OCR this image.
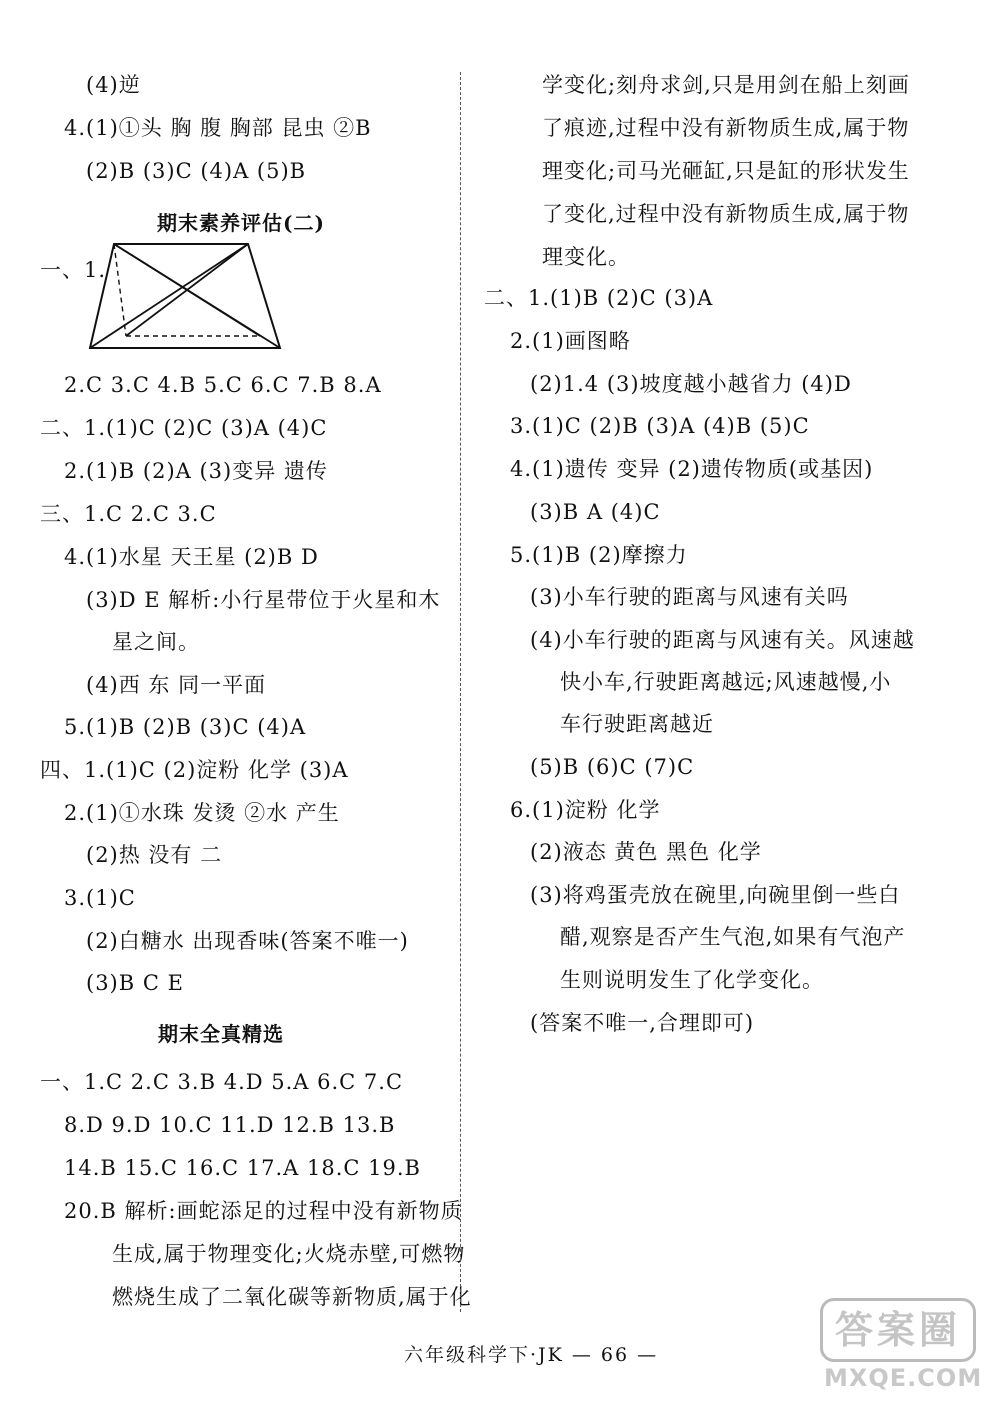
(4)逆
4.(1)①头 胸 腹 胸部 昆虫 ②B
(2)B (3)C (4)A (5)B
期末素养评估(二)
一、1.
2.C 3.C 4.B 5.C 6.C 7.B 8.A
二、1.(1)C (2)C (3)A (4)C
2.(1)B (2)A (3)变异 遗传
三、1.C 2.C 3.C
4.(1)水星 天王星 (2)B D
(3)D E 解析:小行星带位于火星和木
星之间。
(4)西 东 同一平面
5.(1)B (2)B (3)C (4)A
四、1.(1)C (2)淀粉 化学 (3)A
2.(1)①水珠 发烫 ②水 产生
(2)热 没有 二
3.(1)C
(2)白糖水 出现香味(答案不唯一)
(3)B C E
期末全真精选
一、1.C 2.C 3.B 4.D 5.A 6.C 7.C
8.D 9.D 10.C 11.D 12.B 13.B
14.B 15.C 16.C 17.A 18.C 19.B
20.B 解析:画蛇添足的过程中没有新物质
生成,属于物理变化;火烧赤壁,可燃物
燃烧生成了二氧化碳等新物质,属于化
学变化;刻舟求剑,只是用剑在船上刻画
了痕迹,过程中没有新物质生成,属于物
理变化;司马光砸缸,只是缸的形状发生
了变化,过程中没有新物质生成,属于物
理变化。
二、1.(1)B (2)C (3)A
2.(1)画图略
(2)1.4 (3)坡度越小越省力 (4)D
3.(1)C (2)B (3)A (4)B (5)C
4.(1)遗传 变异 (2)遗传物质(或基因)
(3)B A (4)C
5.(1)B (2)摩擦力
(3)小车行驶的距离与风速有关吗
(4)小车行驶的距离与风速有关。风速越
快小车,行驶距离越远;风速越慢,小
车行驶距离越近
(5)B (6)C (7)C
6.(1)淀粉 化学
(2)液态 黄色 黑色 化学
(3)将鸡蛋壳放在碗里,向碗里倒一些白
醋,观察是否产生气泡,如果有气泡产
生则说明发生了化学变化。
(答案不唯一,合理即可)
六年级科学下·JK — 66 —
答案圈
MXQE.COM
